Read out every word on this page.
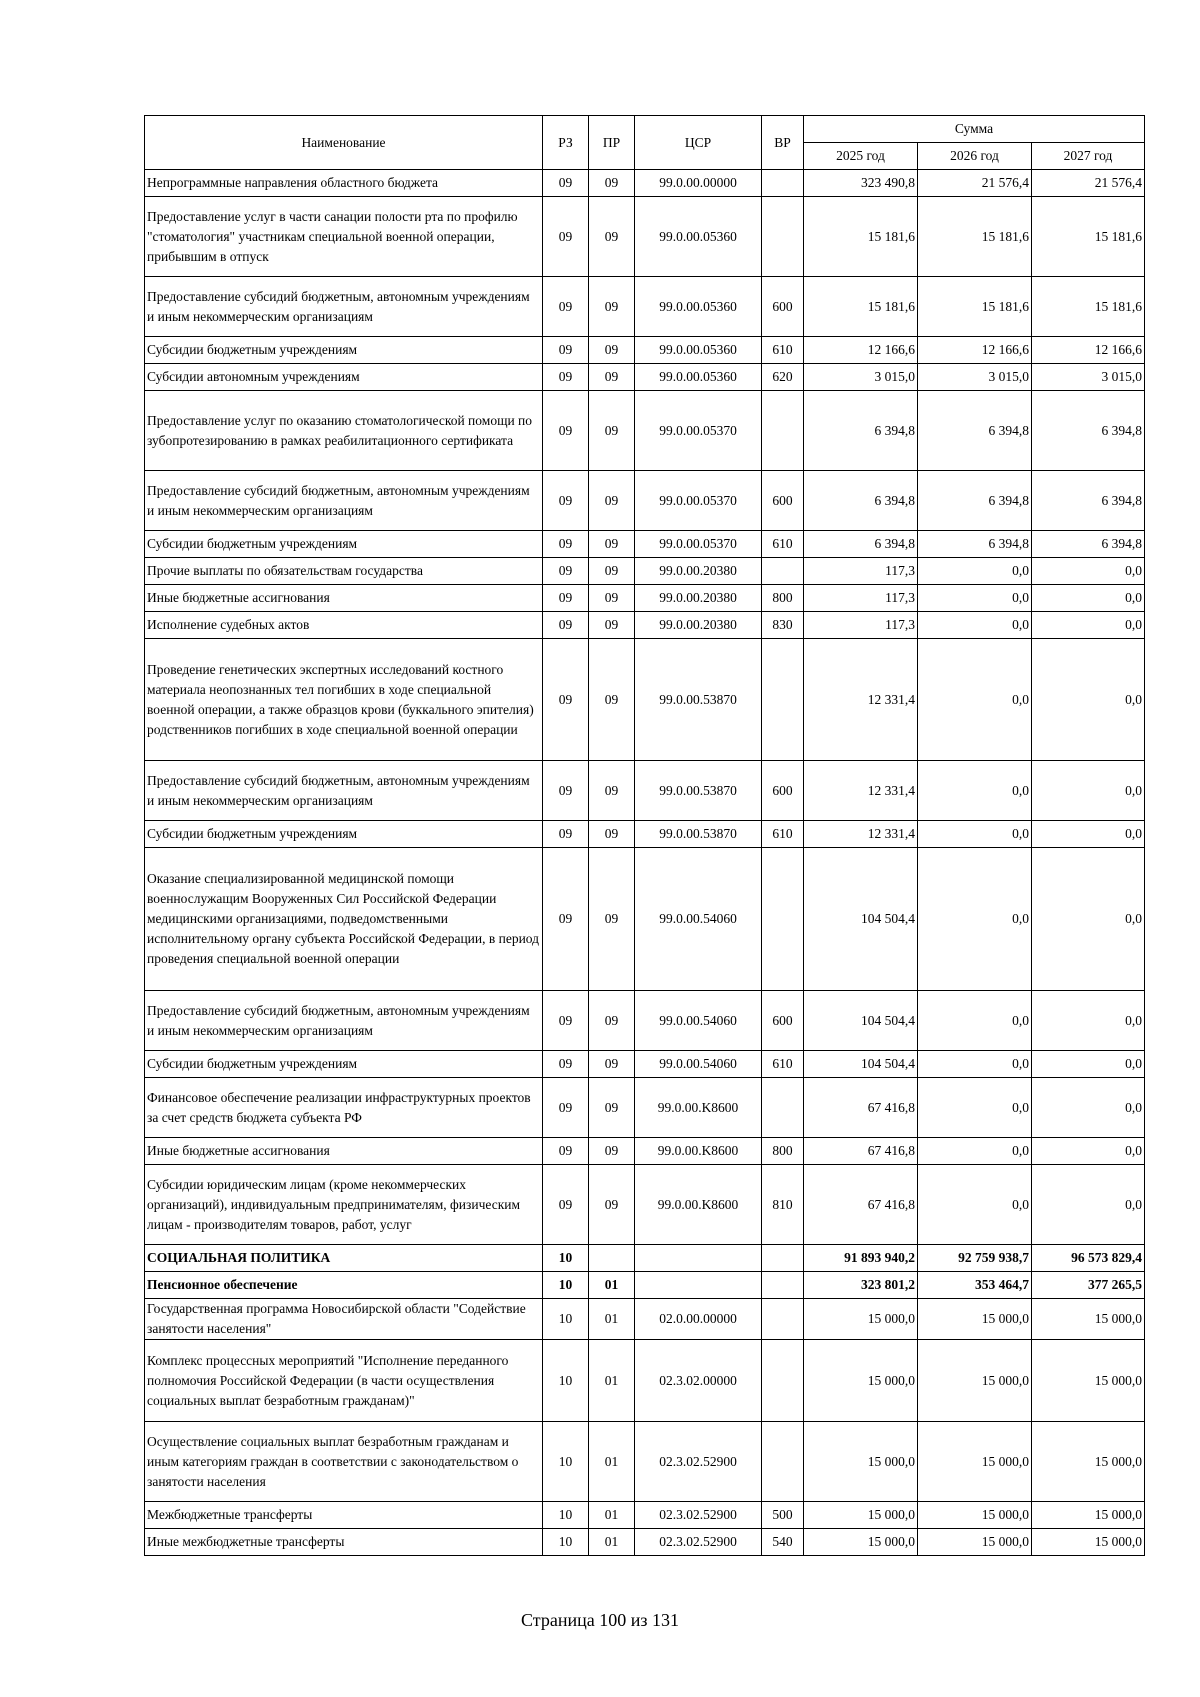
Наименование	РЗ	ПР	ЦСР	ВР	Сумма		
					2025 год	2026 год	2027 год
Непрограммные направления областного бюджета	09	09	99.0.00.00000		323 490,8	21 576,4	21 576,4
Предоставление услуг в части санации полости рта по профилю "стоматология" участникам специальной военной операции, прибывшим в отпуск	09	09	99.0.00.05360		15 181,6	15 181,6	15 181,6
Предоставление субсидий бюджетным, автономным учреждениям и иным некоммерческим организациям	09	09	99.0.00.05360	600	15 181,6	15 181,6	15 181,6
Субсидии бюджетным учреждениям	09	09	99.0.00.05360	610	12 166,6	12 166,6	12 166,6
Субсидии автономным учреждениям	09	09	99.0.00.05360	620	3 015,0	3 015,0	3 015,0
Предоставление услуг по оказанию стоматологической помощи по зубопротезированию в рамках реабилитационного сертификата	09	09	99.0.00.05370		6 394,8	6 394,8	6 394,8
Предоставление субсидий бюджетным, автономным учреждениям и иным некоммерческим организациям	09	09	99.0.00.05370	600	6 394,8	6 394,8	6 394,8
Субсидии бюджетным учреждениям	09	09	99.0.00.05370	610	6 394,8	6 394,8	6 394,8
Прочие выплаты по обязательствам государства	09	09	99.0.00.20380		117,3	0,0	0,0
Иные бюджетные ассигнования	09	09	99.0.00.20380	800	117,3	0,0	0,0
Исполнение судебных актов	09	09	99.0.00.20380	830	117,3	0,0	0,0
Проведение генетических экспертных исследований костного материала неопознанных тел погибших в ходе специальной военной операции, а также образцов крови (буккального эпителия) родственников погибших в ходе специальной военной операции	09	09	99.0.00.53870		12 331,4	0,0	0,0
Предоставление субсидий бюджетным, автономным учреждениям и иным некоммерческим организациям	09	09	99.0.00.53870	600	12 331,4	0,0	0,0
Субсидии бюджетным учреждениям	09	09	99.0.00.53870	610	12 331,4	0,0	0,0
Оказание специализированной медицинской помощи военнослужащим Вооруженных Сил Российской Федерации медицинскими организациями, подведомственными исполнительному органу субъекта Российской Федерации, в период проведения специальной военной операции	09	09	99.0.00.54060		104 504,4	0,0	0,0
Предоставление субсидий бюджетным, автономным учреждениям и иным некоммерческим организациям	09	09	99.0.00.54060	600	104 504,4	0,0	0,0
Субсидии бюджетным учреждениям	09	09	99.0.00.54060	610	104 504,4	0,0	0,0
Финансовое обеспечение реализации инфраструктурных проектов за счет средств бюджета субъекта РФ	09	09	99.0.00.K8600		67 416,8	0,0	0,0
Иные бюджетные ассигнования	09	09	99.0.00.K8600	800	67 416,8	0,0	0,0
Субсидии юридическим лицам (кроме некоммерческих организаций), индивидуальным предпринимателям, физическим лицам - производителям товаров, работ, услуг	09	09	99.0.00.K8600	810	67 416,8	0,0	0,0
СОЦИАЛЬНАЯ ПОЛИТИКА	10				91 893 940,2	92 759 938,7	96 573 829,4
Пенсионное обеспечение	10	01			323 801,2	353 464,7	377 265,5
Государственная программа Новосибирской области "Содействие занятости населения"	10	01	02.0.00.00000		15 000,0	15 000,0	15 000,0
Комплекс процессных мероприятий "Исполнение переданного полномочия Российской Федерации (в части осуществления социальных выплат безработным гражданам)"	10	01	02.3.02.00000		15 000,0	15 000,0	15 000,0
Осуществление социальных выплат безработным гражданам и иным категориям граждан в соответствии с законодательством о занятости населения	10	01	02.3.02.52900		15 000,0	15 000,0	15 000,0
Межбюджетные трансферты	10	01	02.3.02.52900	500	15 000,0	15 000,0	15 000,0
Иные межбюджетные трансферты	10	01	02.3.02.52900	540	15 000,0	15 000,0	15 000,0
Страница 100 из 131
